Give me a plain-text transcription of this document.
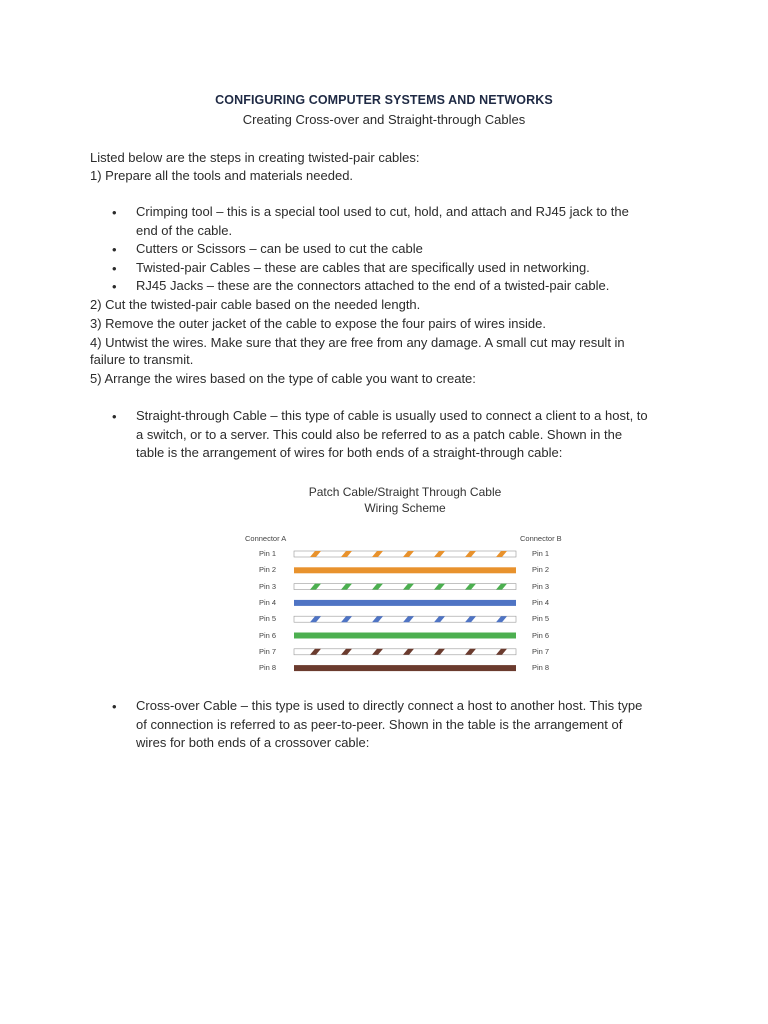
CONFIGURING COMPUTER SYSTEMS AND NETWORKS
Creating Cross-over and Straight-through Cables
Listed below are the steps in creating twisted-pair cables:
1) Prepare all the tools and materials needed.
• Crimping tool – this is a special tool used to cut, hold, and attach and RJ45 jack to the
end of the cable.
• Cutters or Scissors – can be used to cut the cable
• Twisted-pair Cables – these are cables that are specifically used in networking.
• RJ45 Jacks – these are the connectors attached to the end of a twisted-pair cable.
2) Cut the twisted-pair cable based on the needed length.
3) Remove the outer jacket of the cable to expose the four pairs of wires inside.
4) Untwist the wires. Make sure that they are free from any damage. A small cut may result in
failure to transmit.
5) Arrange the wires based on the type of cable you want to create:
• Straight-through Cable – this type of cable is usually used to connect a client to a host, to
a switch, or to a server. This could also be referred to as a patch cable. Shown in the
table is the arrangement of wires for both ends of a straight-through cable:
Patch Cable/Straight Through Cable
Wiring Scheme
Connector A	Connector B
Pin 1	Pin 1
Pin 2	Pin 2
Pin 3	Pin 3
Pin 4	Pin 4
Pin 5	Pin 5
Pin 6	Pin 6
Pin 7	Pin 7
Pin 8	Pin 8
• Cross-over Cable – this type is used to directly connect a host to another host. This type
of connection is referred to as peer-to-peer. Shown in the table is the arrangement of
wires for both ends of a crossover cable:
